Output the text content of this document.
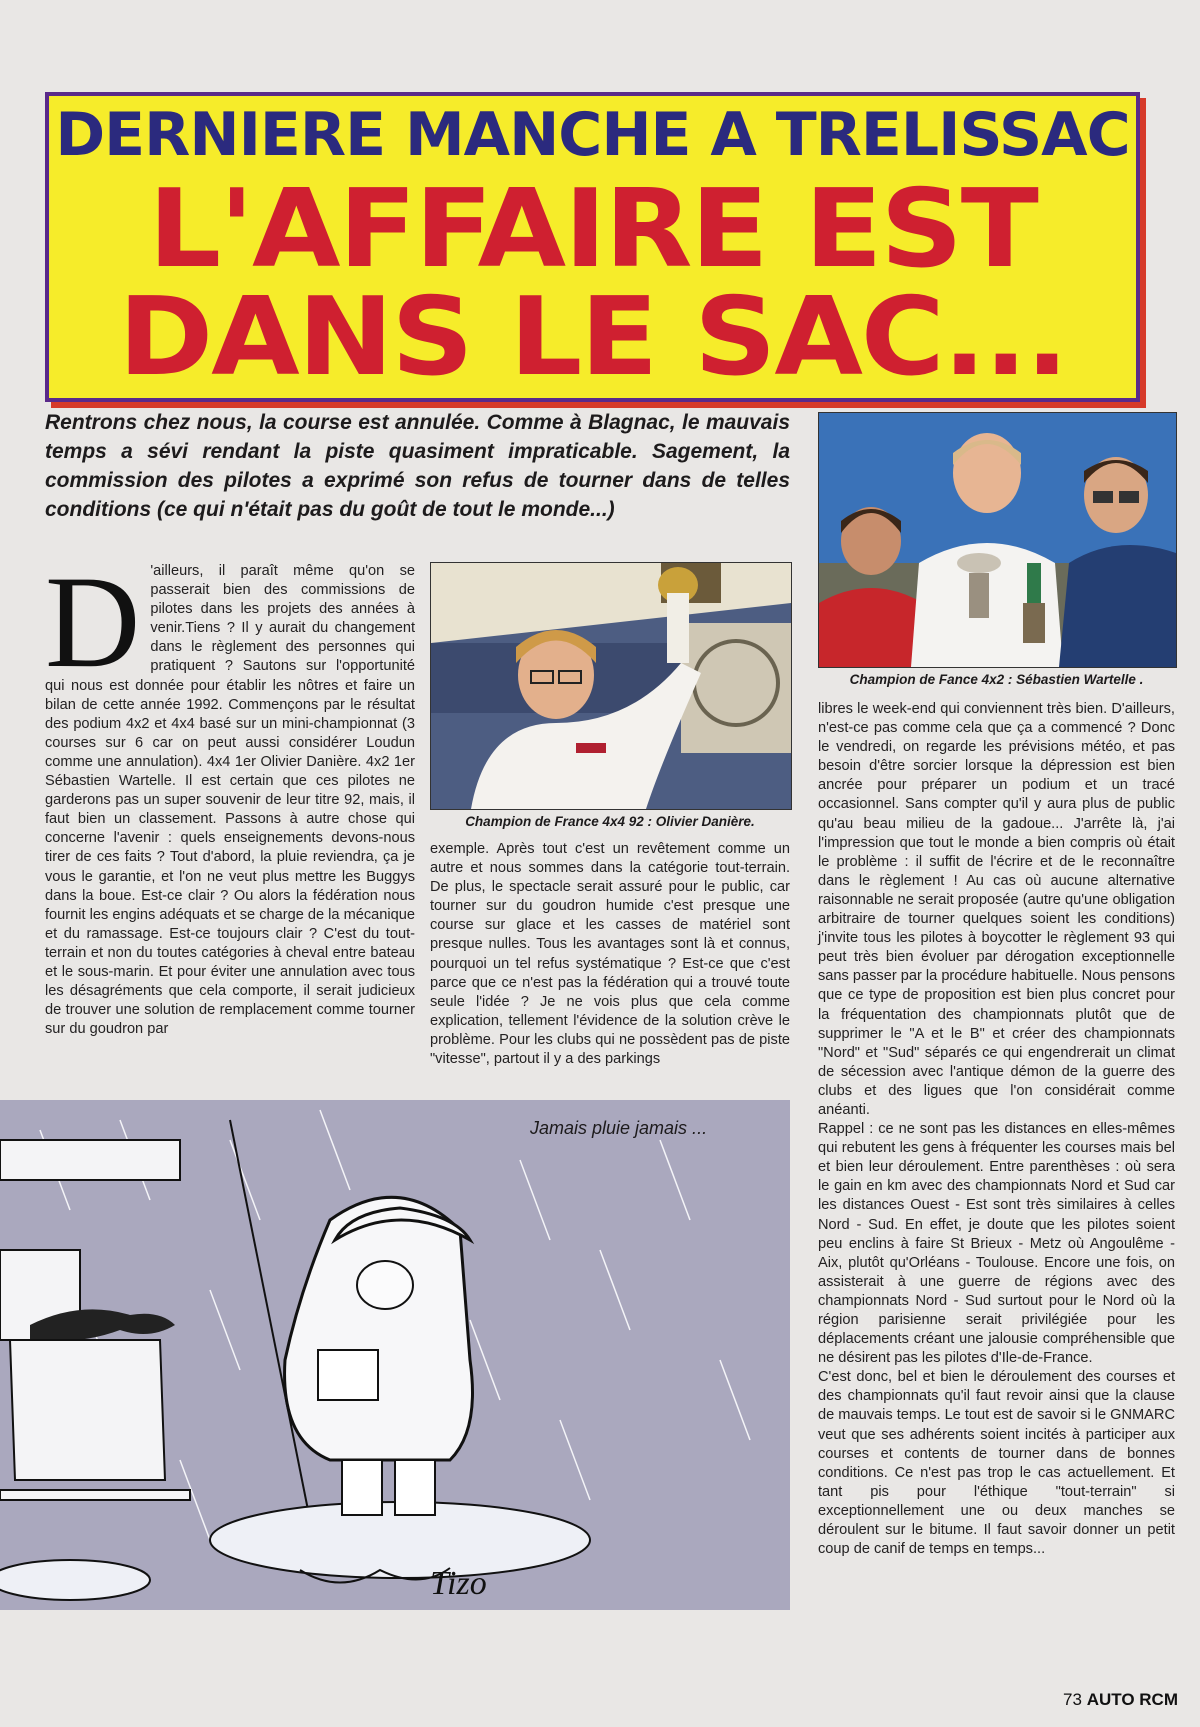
DERNIERE MANCHE A TRELISSAC
L'AFFAIRE EST
DANS LE SAC...
Rentrons chez nous, la course est annulée. Comme à Blagnac, le mauvais temps a sévi rendant la piste quasiment impraticable. Sagement, la commission des pilotes a exprimé son refus de tourner dans de telles conditions (ce qui n'était pas du goût de tout le monde...)
D 'ailleurs, il paraît même qu'on se passerait bien des commissions de pilotes dans les projets des années à venir.Tiens ? Il y aurait du changement dans le règlement des personnes qui pratiquent ? Sautons sur l'opportunité qui nous est donnée pour établir les nôtres et faire un bilan de cette année 1992. Commençons par le résultat des podium 4x2 et 4x4 basé sur un mini-championnat (3 courses sur 6 car on peut aussi considérer Loudun comme une annulation). 4x4 1er Olivier Danière. 4x2 1er Sébastien Wartelle. Il est certain que ces pilotes ne garderons pas un super souvenir de leur titre 92, mais, il faut bien un classement. Passons à autre chose qui concerne l'avenir : quels enseignements devons-nous tirer de ces faits ? Tout d'abord, la pluie reviendra, ça je vous le garantie, et l'on ne veut plus mettre les Buggys dans la boue. Est-ce clair ? Ou alors la fédération nous fournit les engins adéquats et se charge de la mécanique et du ramassage. Est-ce toujours clair ? C'est du tout-terrain et non du toutes catégories à cheval entre bateau et le sous-marin. Et pour éviter une annulation avec tous les désagréments que cela comporte, il serait judicieux de trouver une solution de remplacement comme tourner sur du goudron par

Champion de France 4x4 92 : Olivier Danière.
Champion de Fance 4x2 : Sébastien Wartelle .

exemple. Après tout c'est un revêtement comme un autre et nous sommes dans la catégorie tout-terrain. De plus, le spectacle serait assuré pour le public, car tourner sur du goudron humide c'est presque une course sur glace et les casses de matériel sont presque nulles. Tous les avantages sont là et connus, pourquoi un tel refus systématique ? Est-ce que c'est parce que ce n'est pas la fédération qui a trouvé toute seule l'idée ? Je ne vois plus que cela comme explication, tellement l'évidence de la solution crève le problème. Pour les clubs qui ne possèdent pas de piste "vitesse", partout il y a des parkings

libres le week-end qui conviennent très bien. D'ailleurs, n'est-ce pas comme cela que ça a commencé ? Donc le vendredi, on regarde les prévisions météo, et pas besoin d'être sorcier lorsque la dépression est bien ancrée pour préparer un podium et un tracé occasionnel. Sans compter qu'il y aura plus de public qu'au beau milieu de la gadoue... J'arrête là, j'ai l'impression que tout le monde a bien compris où était le problème : il suffit de l'écrire et de le reconnaître dans le règlement ! Au cas où aucune alternative raisonnable ne serait proposée (autre qu'une obligation arbitraire de tourner quelques soient les conditions) j'invite tous les pilotes à boycotter le règlement 93 qui peut très bien évoluer par dérogation exceptionnelle sans passer par la procédure habituelle. Nous pensons que ce type de proposition est bien plus concret pour la fréquentation des championnats plutôt que de supprimer le "A et le B" et créer des championnats "Nord" et "Sud" séparés ce qui engendrerait un climat de sécession avec l'antique démon de la guerre des clubs et des ligues que l'on considérait comme anéanti.

Rappel : ce ne sont pas les distances en elles-mêmes qui rebutent les gens à fréquenter les courses mais bel et bien leur déroulement. Entre parenthèses : où sera le gain en km avec des championnats Nord et Sud car les distances Ouest - Est sont très similaires à celles Nord - Sud. En effet, je doute que les pilotes soient peu enclins à faire St Brieux - Metz où Angoulême - Aix, plutôt qu'Orléans - Toulouse. Encore une fois, on assisterait à une guerre de régions avec des championnats Nord - Sud surtout pour le Nord où la région parisienne serait privilégiée pour les déplacements créant une jalousie compréhensible que ne désirent pas les pilotes d'Ile-de-France.

C'est donc, bel et bien le déroulement des courses et des championnats qu'il faut revoir ainsi que la clause de mauvais temps. Le tout est de savoir si le GNMARC veut que ses adhérents soient incités à participer aux courses et contents de tourner dans de bonnes conditions. Ce n'est pas trop le cas actuellement. Et tant pis pour l'éthique "tout-terrain" si exceptionnellement une ou deux manches se déroulent sur le bitume. Il faut savoir donner un petit coup de canif de temps en temps...

Jamais pluie jamais ...
Tizo
73 AUTO RCM
